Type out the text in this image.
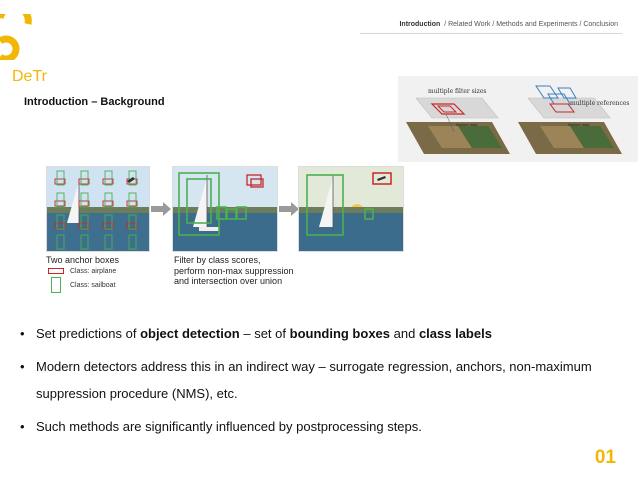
Introduction / Related Work / Methods and Experiments / Conclusion
DeTr
Introduction – Background
multiple filter sizes
feature map
multiple references
feature map
Two anchor boxes
Class: airplane
Class: sailboat
Filter by class scores,
perform non-max suppression
and intersection over union
• Set predictions of object detection – set of bounding boxes and class labels
• Modern detectors address this in an indirect way – surrogate regression, anchors, non-maximum suppression procedure (NMS), etc.
• Such methods are significantly influenced by postprocessing steps.
01
